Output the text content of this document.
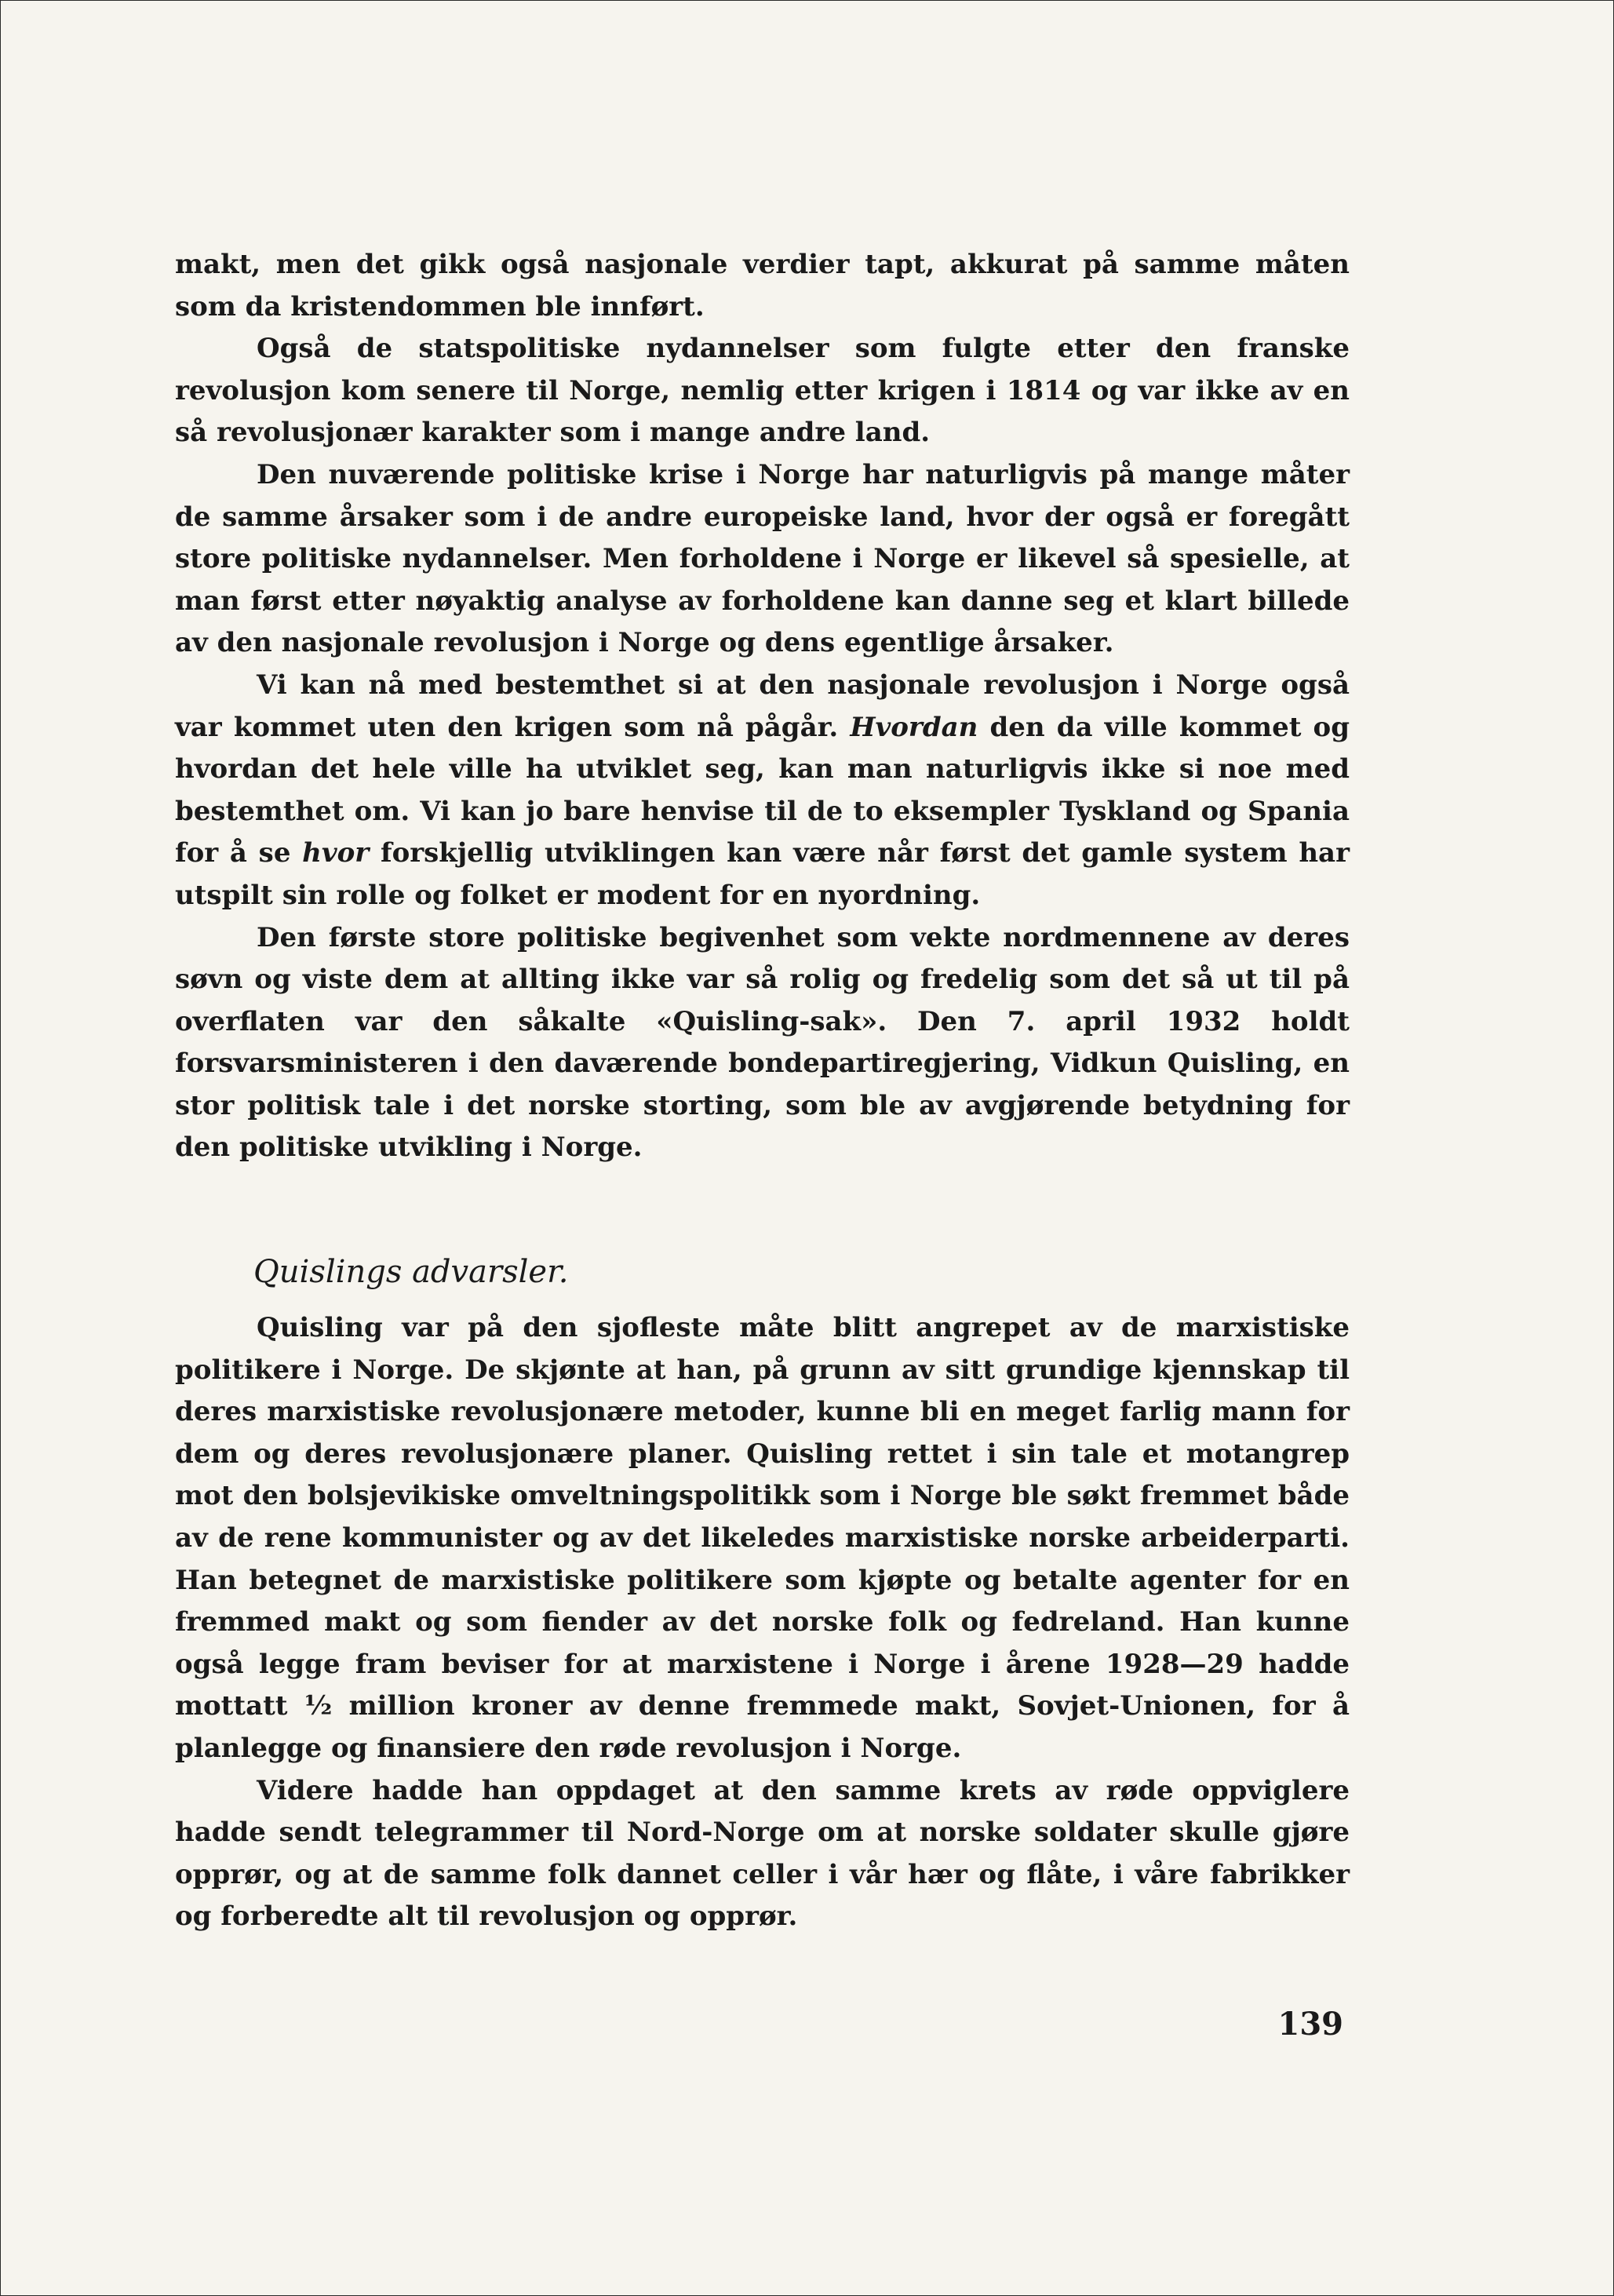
makt, men det gikk også nasjonale verdier tapt, akkurat på samme måten som da kristendommen ble innført.

Også de statspolitiske nydannelser som fulgte etter den franske revolusjon kom senere til Norge, nemlig etter krigen i 1814 og var ikke av en så revolusjonær karakter som i mange andre land.

Den nuværende politiske krise i Norge har naturligvis på mange måter de samme årsaker som i de andre europeiske land, hvor der også er foregått store politiske nydannelser. Men forholdene i Norge er likevel så spesielle, at man først etter nøyaktig analyse av forholdene kan danne seg et klart billede av den nasjonale revolusjon i Norge og dens egentlige årsaker.

Vi kan nå med bestemthet si at den nasjonale revolusjon i Norge også var kommet uten den krigen som nå pågår. Hvordan den da ville kommet og hvordan det hele ville ha utviklet seg, kan man naturligvis ikke si noe med bestemthet om. Vi kan jo bare henvise til de to eksempler Tyskland og Spania for å se hvor forskjellig utviklingen kan være når først det gamle system har utspilt sin rolle og folket er modent for en nyordning.

Den første store politiske begivenhet som vekte nordmennene av deres søvn og viste dem at allting ikke var så rolig og fredelig som det så ut til på overflaten var den såkalte «Quisling-sak». Den 7. april 1932 holdt forsvarsministeren i den daværende bondepartiregjering, Vidkun Quisling, en stor politisk tale i det norske storting, som ble av avgjørende betydning for den politiske utvikling i Norge.

Quislings advarsler.

Quisling var på den sjofleste måte blitt angrepet av de marxistiske politikere i Norge. De skjønte at han, på grunn av sitt grundige kjennskap til deres marxistiske revolusjonære metoder, kunne bli en meget farlig mann for dem og deres revolusjonære planer. Quisling rettet i sin tale et motangrep mot den bolsjevikiske omveltningspolitikk som i Norge ble søkt fremmet både av de rene kommunister og av det likeledes marxistiske norske arbeiderparti. Han betegnet de marxistiske politikere som kjøpte og betalte agenter for en fremmed makt og som fiender av det norske folk og fedreland. Han kunne også legge fram beviser for at marxistene i Norge i årene 1928—29 hadde mottatt ½ million kroner av denne fremmede makt, Sovjet-Unionen, for å planlegge og finansiere den røde revolusjon i Norge.

Videre hadde han oppdaget at den samme krets av røde oppviglere hadde sendt telegrammer til Nord-Norge om at norske soldater skulle gjøre opprør, og at de samme folk dannet celler i vår hær og flåte, i våre fabrikker og forberedte alt til revolusjon og opprør.

139
